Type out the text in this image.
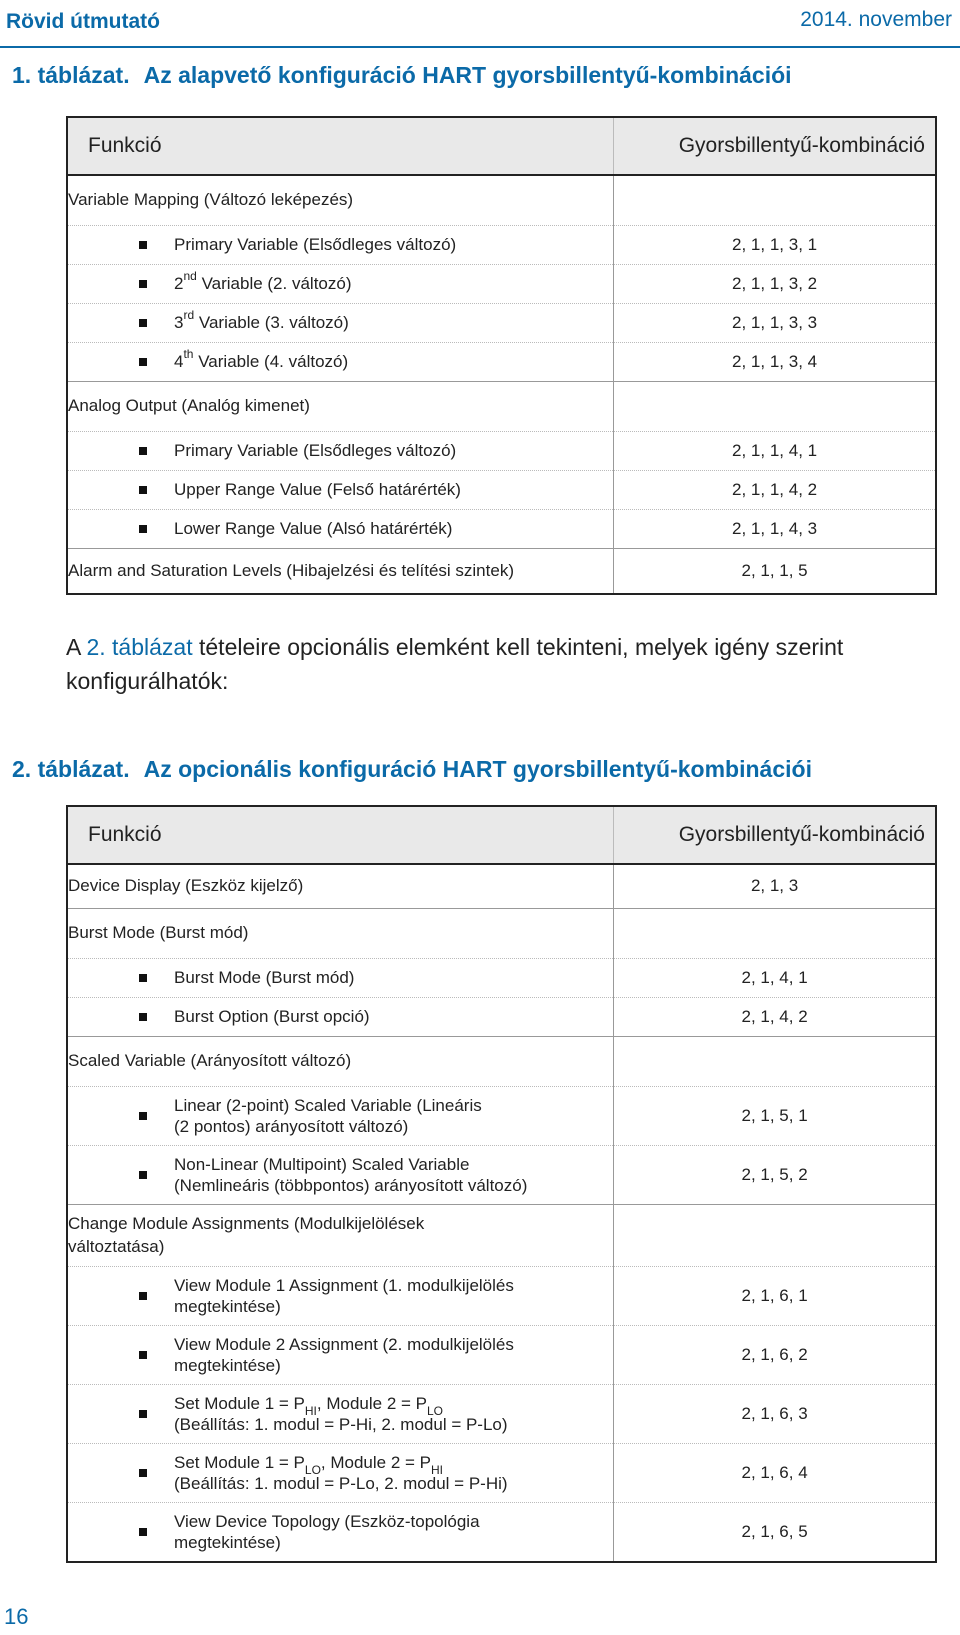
Rövid útmutató	2014. november
1. táblázat. Az alapvető konfiguráció HART gyorsbillentyű-kombinációi
Funkció	Gyorsbillentyű-kombináció
Variable Mapping (Változó leképezés)	

Primary Variable (Elsődleges változó)	2, 1, 1, 3, 1

2nd Variable (2. változó)	2, 1, 1, 3, 2

3rd Variable (3. változó)	2, 1, 1, 3, 3

4th Variable (4. változó)	2, 1, 1, 3, 4
Analog Output (Analóg kimenet)	

Primary Variable (Elsődleges változó)	2, 1, 1, 4, 1

Upper Range Value (Felső határérték)	2, 1, 1, 4, 2

Lower Range Value (Alsó határérték)	2, 1, 1, 4, 3
Alarm and Saturation Levels (Hibajelzési és telítési szintek)	2, 1, 1, 5
A 2. táblázat tételeire opcionális elemként kell tekinteni, melyek igény szerint konfigurálhatók:
2. táblázat. Az opcionális konfiguráció HART gyorsbillentyű-kombinációi
Funkció	Gyorsbillentyű-kombináció
Device Display (Eszköz kijelző)	2, 1, 3
Burst Mode (Burst mód)	

Burst Mode (Burst mód)	2, 1, 4, 1

Burst Option (Burst opció)	2, 1, 4, 2
Scaled Variable (Arányosított változó)	

Linear (2-point) Scaled Variable (Lineáris
(2 pontos) arányosított változó)	2, 1, 5, 1

Non-Linear (Multipoint) Scaled Variable
(Nemlineáris (többpontos) arányosított változó)	2, 1, 5, 2
Change Module Assignments (Modulkijelölések
változtatása)	

View Module 1 Assignment (1. modulkijelölés
megtekintése)	2, 1, 6, 1

View Module 2 Assignment (2. modulkijelölés
megtekintése)	2, 1, 6, 2

Set Module $1 = P_{HI}$, Module $2 = P_{LO}$
(Beállítás: 1. modul = P-Hi, 2. modul = P-Lo)	2, 1, 6, 3

Set Module $1 = P_{LO}$, Module $2 = P_{HI}$
(Beállítás: 1. modul = P-Lo, 2. modul = P-Hi)	2, 1, 6, 4

View Device Topology (Eszköz-topológia
megtekintése)	2, 1, 6, 5
16
